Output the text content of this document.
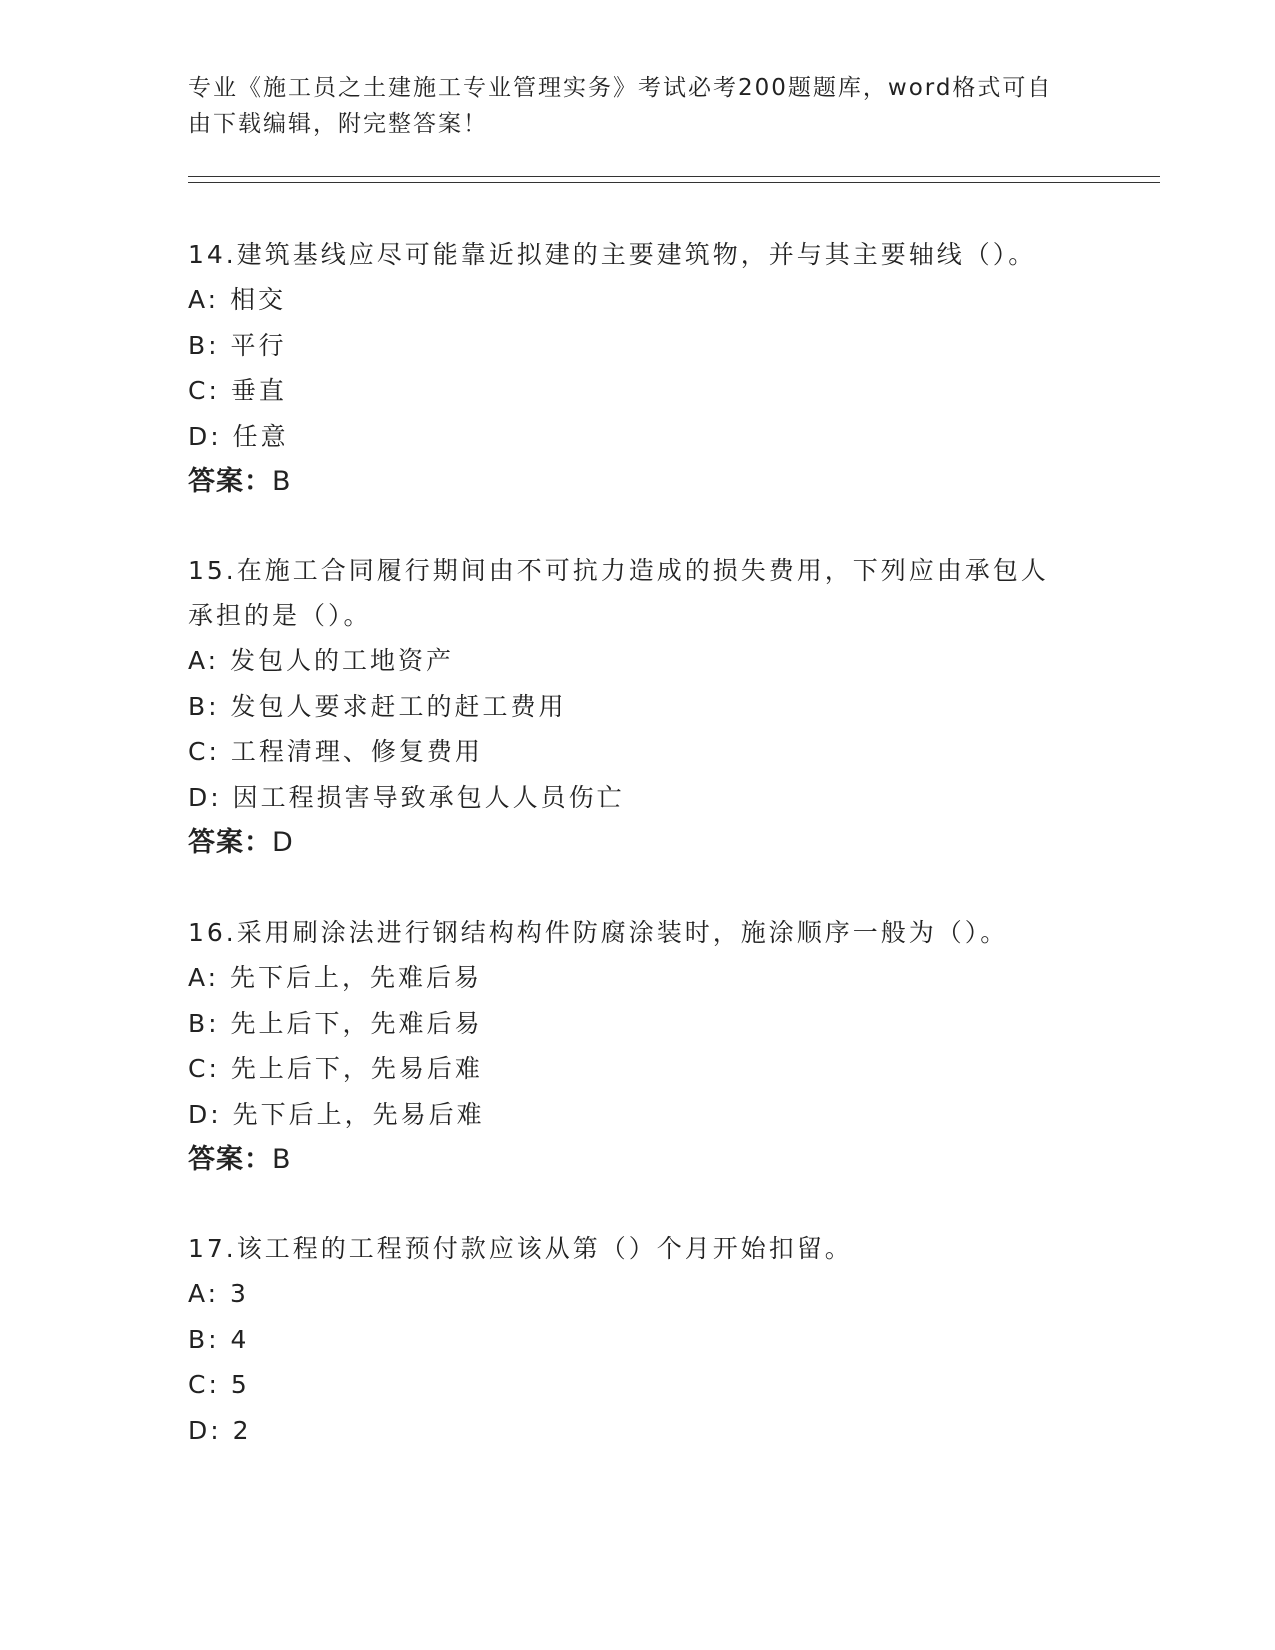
专业《施工员之土建施工专业管理实务》考试必考200题题库，word格式可自由下载编辑，附完整答案！
14.建筑基线应尽可能靠近拟建的主要建筑物，并与其主要轴线（）。
A: 相交
B: 平行
C: 垂直
D: 任意
答案：B
15.在施工合同履行期间由不可抗力造成的损失费用，下列应由承包人承担的是（）。
A: 发包人的工地资产
B: 发包人要求赶工的赶工费用
C: 工程清理、修复费用
D: 因工程损害导致承包人人员伤亡
答案：D
16.采用刷涂法进行钢结构构件防腐涂装时，施涂顺序一般为（）。
A: 先下后上，先难后易
B: 先上后下，先难后易
C: 先上后下，先易后难
D: 先下后上，先易后难
答案：B
17.该工程的工程预付款应该从第（）个月开始扣留。
A: 3
B: 4
C: 5
D: 2
